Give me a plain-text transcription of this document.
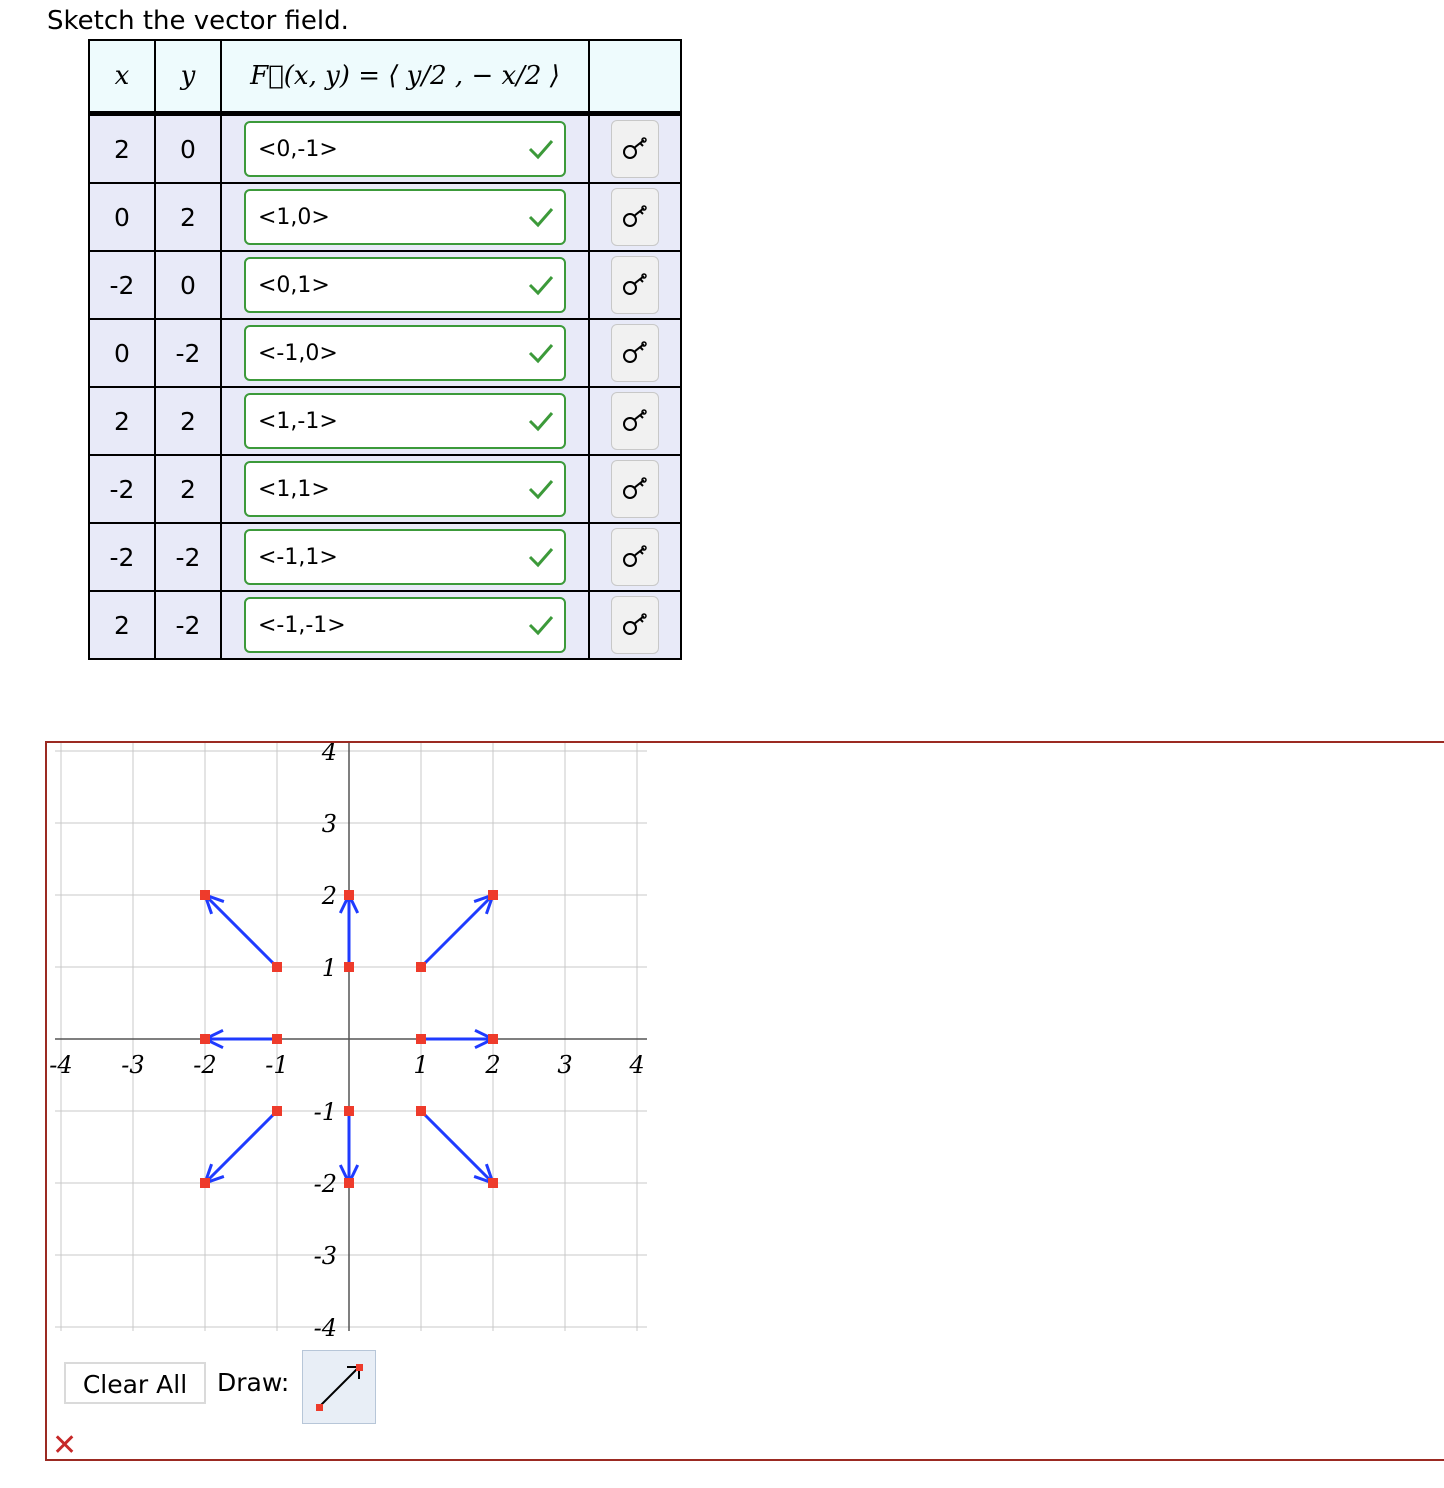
Sketch the vector field.
x	y	F⃗(x, y) = ⟨ y/2 , − x/2 ⟩	
2	0	<0,-1>

0	2	<1,0>

-2	0	<0,1>

0	-2	<-1,0>

2	2	<1,-1>

-2	2	<1,1>

-2	-2	<-1,1>

2	-2	<-1,-1>

-4 -3 -2 -1	1 2 3 4
4
3
2
1
-1
-2
-3
-4
Clear All	Draw:
✕
